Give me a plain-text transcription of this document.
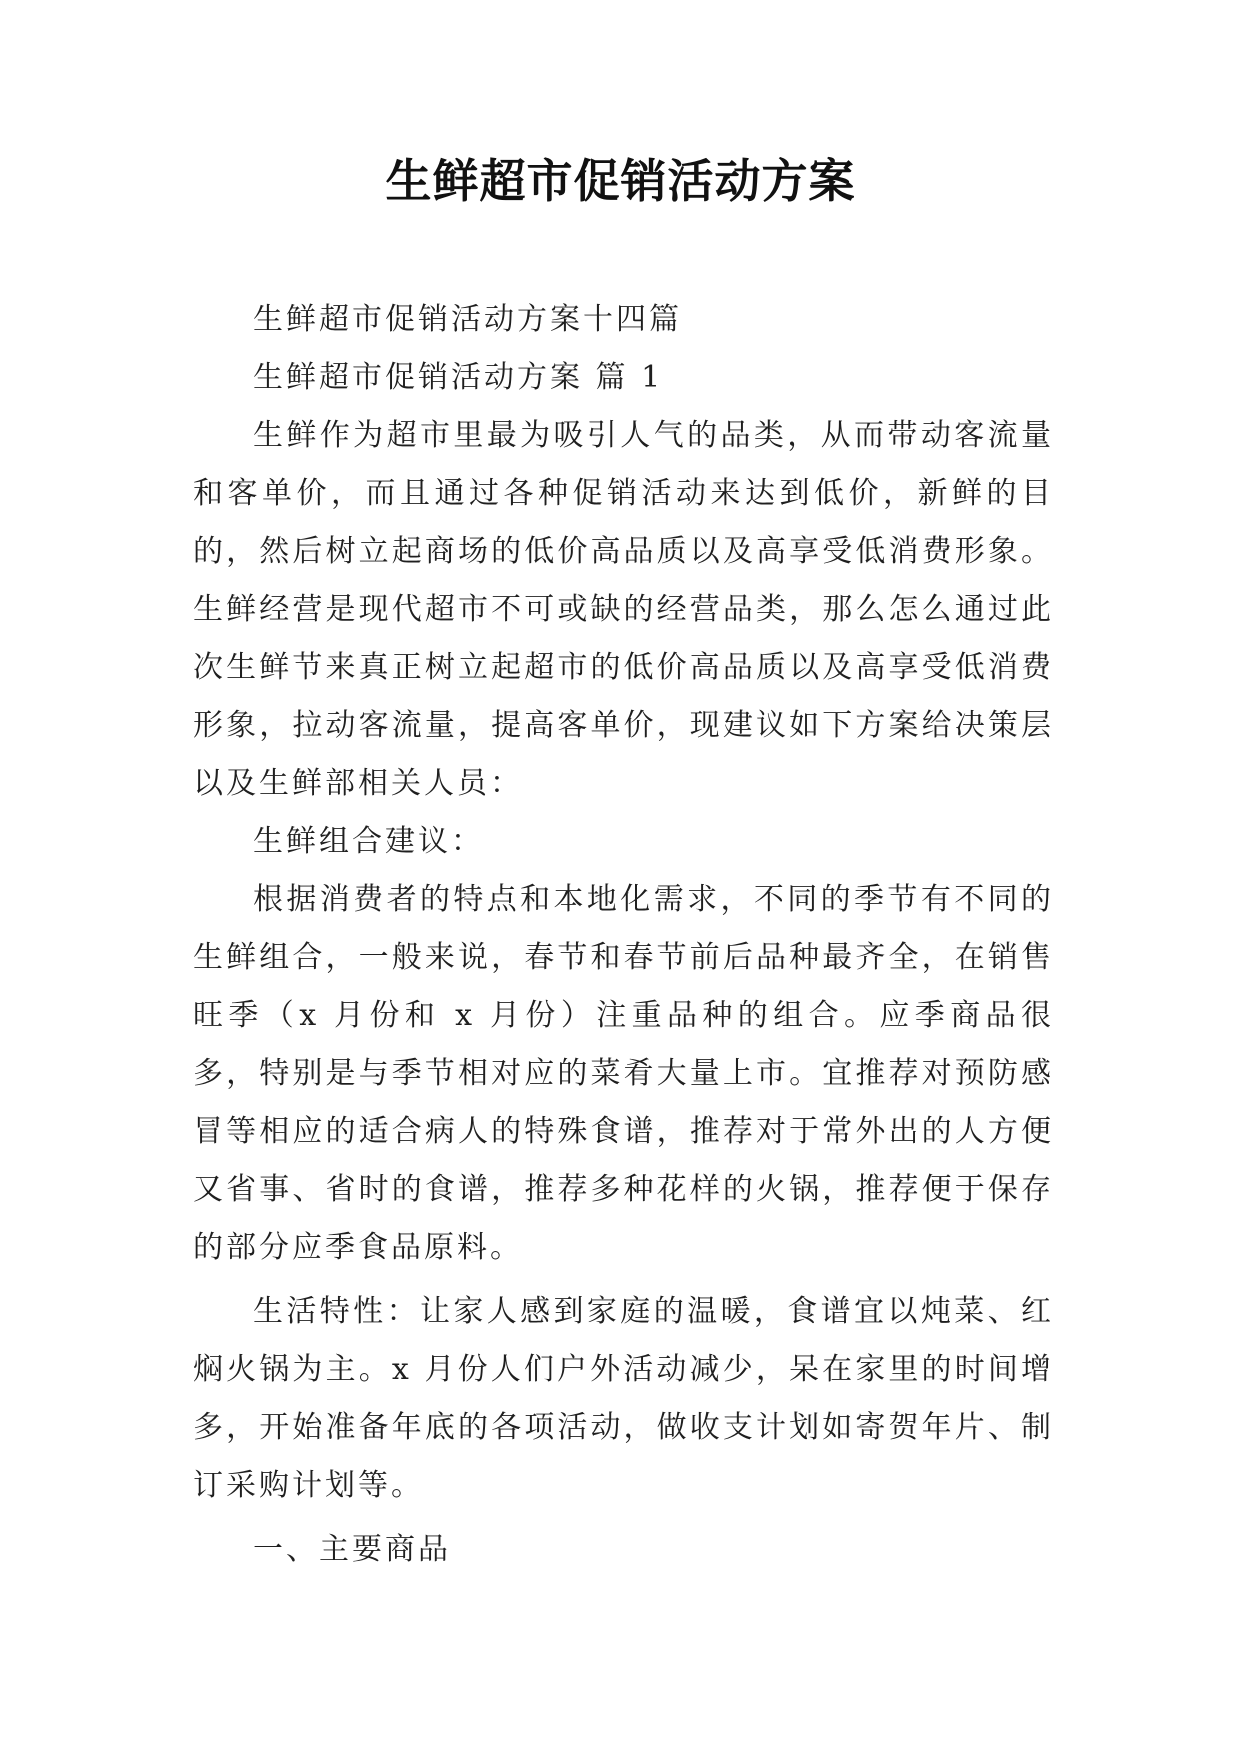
生鲜超市促销活动方案

生鲜超市促销活动方案十四篇

生鲜超市促销活动方案 篇 1

生鲜作为超市里最为吸引人气的品类，从而带动客流量和客单价，而且通过各种促销活动来达到低价，新鲜的目的，然后树立起商场的低价高品质以及高享受低消费形象。生鲜经营是现代超市不可或缺的经营品类，那么怎么通过此次生鲜节来真正树立起超市的低价高品质以及高享受低消费形象，拉动客流量，提高客单价，现建议如下方案给决策层以及生鲜部相关人员：

生鲜组合建议：

根据消费者的特点和本地化需求，不同的季节有不同的生鲜组合，一般来说，春节和春节前后品种最齐全，在销售旺季（x 月份和 x 月份）注重品种的组合。应季商品很多，特别是与季节相对应的菜肴大量上市。宜推荐对预防感冒等相应的适合病人的特殊食谱，推荐对于常外出的人方便又省事、省时的食谱，推荐多种花样的火锅，推荐便于保存的部分应季食品原料。

生活特性：让家人感到家庭的温暖，食谱宜以炖菜、红焖火锅为主。x 月份人们户外活动减少，呆在家里的时间增多，开始准备年底的各项活动，做收支计划如寄贺年片、制订采购计划等。

一、主要商品
